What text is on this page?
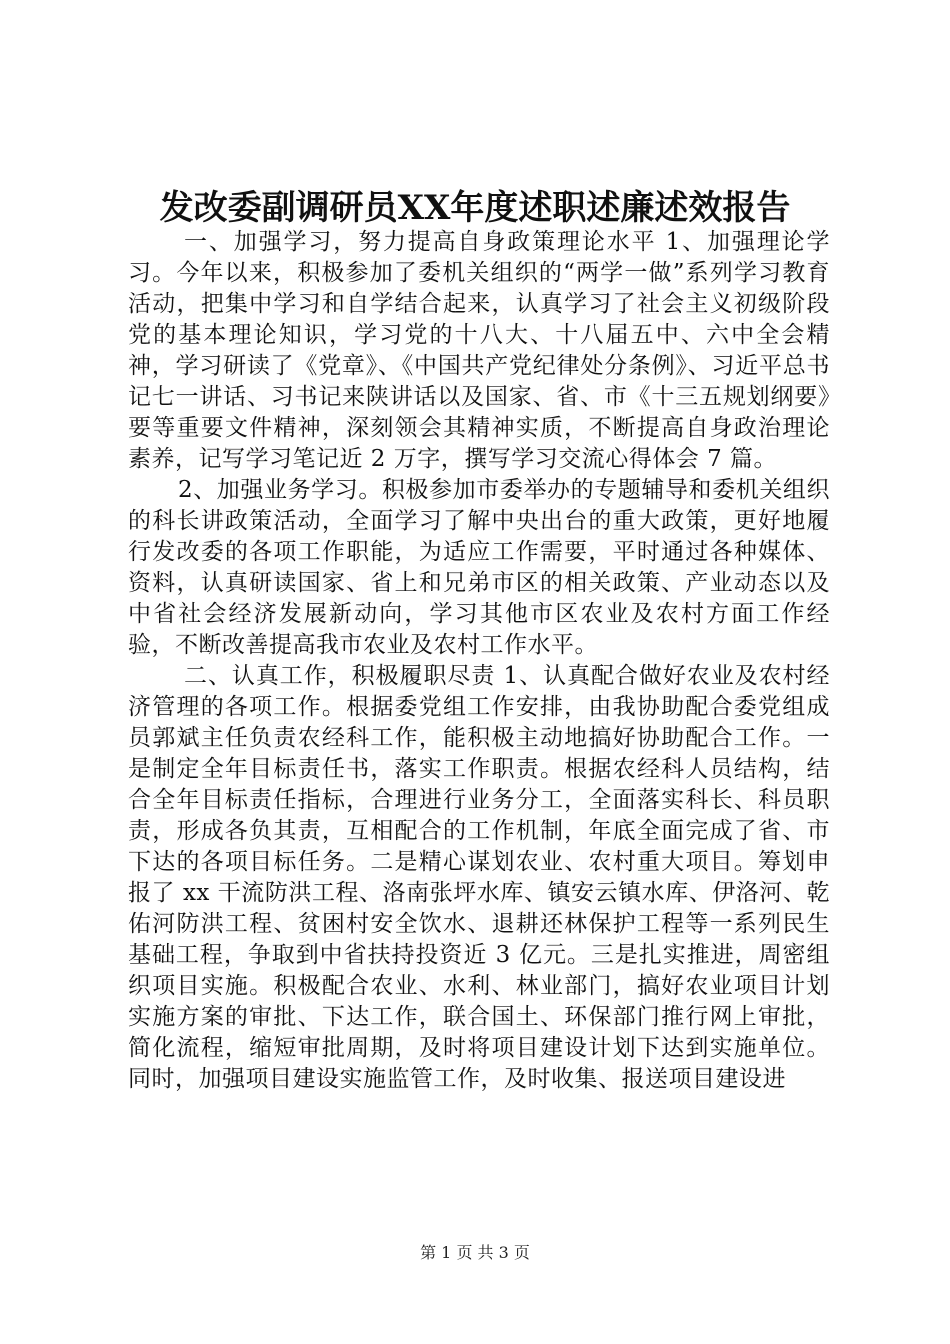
发改委副调研员XX年度述职述廉述效报告

一、加强学习，努力提高自身政策理论水平 1、加强理论学习。今年以来，积极参加了委机关组织的“两学一做”系列学习教育活动，把集中学习和自学结合起来，认真学习了社会主义初级阶段党的基本理论知识，学习党的十八大、十八届五中、六中全会精神，学习研读了《党章》、《中国共产党纪律处分条例》、习近平总书记七一讲话、习书记来陕讲话以及国家、省、市《十三五规划纲要》要等重要文件精神，深刻领会其精神实质，不断提高自身政治理论素养，记写学习笔记近 2 万字，撰写学习交流心得体会 7 篇。

2、加强业务学习。积极参加市委举办的专题辅导和委机关组织的科长讲政策活动，全面学习了解中央出台的重大政策，更好地履行发改委的各项工作职能，为适应工作需要，平时通过各种媒体、资料，认真研读国家、省上和兄弟市区的相关政策、产业动态以及中省社会经济发展新动向，学习其他市区农业及农村方面工作经验，不断改善提高我市农业及农村工作水平。

二、认真工作，积极履职尽责 1、认真配合做好农业及农村经济管理的各项工作。根据委党组工作安排，由我协助配合委党组成员郭斌主任负责农经科工作，能积极主动地搞好协助配合工作。一是制定全年目标责任书，落实工作职责。根据农经科人员结构，结合全年目标责任指标，合理进行业务分工，全面落实科长、科员职责，形成各负其责，互相配合的工作机制，年底全面完成了省、市下达的各项目标任务。二是精心谋划农业、农村重大项目。筹划申报了 xx 干流防洪工程、洛南张坪水库、镇安云镇水库、伊洛河、乾佑河防洪工程、贫困村安全饮水、退耕还林保护工程等一系列民生基础工程，争取到中省扶持投资近 3 亿元。三是扎实推进，周密组织项目实施。积极配合农业、水利、林业部门，搞好农业项目计划实施方案的审批、下达工作，联合国土、环保部门推行网上审批，简化流程，缩短审批周期，及时将项目建设计划下达到实施单位。同时，加强项目建设实施监管工作，及时收集、报送项目建设进

第 1 页 共 3 页
